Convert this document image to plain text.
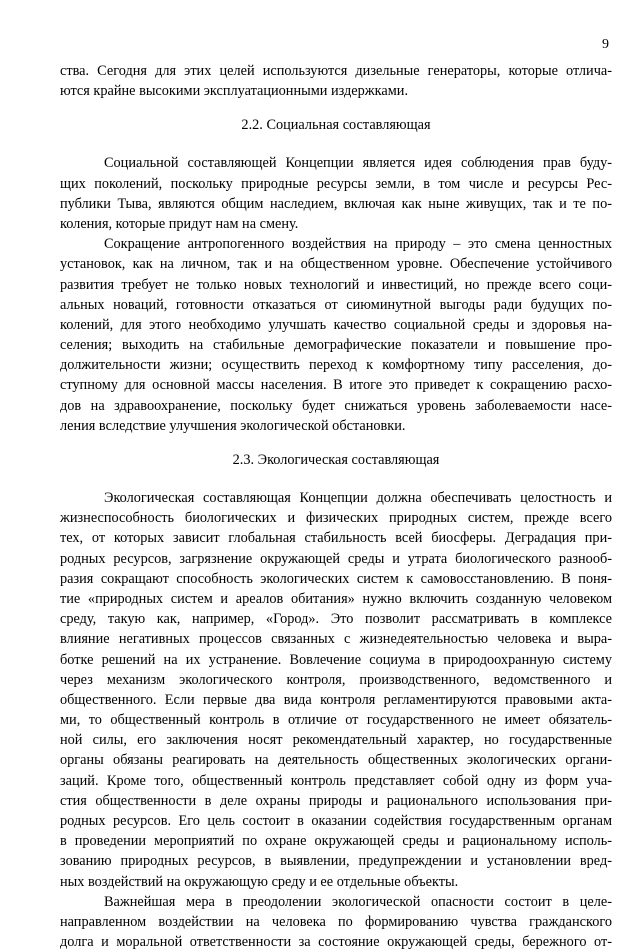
9
ства. Сегодня для этих целей используются дизельные генераторы, которые отлича-
ются крайне высокими эксплуатационными издержками.
2.2. Социальная составляющая
Социальной составляющей Концепции является идея соблюдения прав буду-
щих поколений, поскольку природные ресурсы земли, в том числе и ресурсы Рес-
публики Тыва, являются общим наследием, включая как ныне живущих, так и те по-
коления, которые придут нам на смену.
Сокращение антропогенного воздействия на природу – это смена ценностных
установок, как на личном, так и на общественном уровне. Обеспечение устойчивого
развития требует не только новых технологий и инвестиций, но прежде всего соци-
альных новаций, готовности отказаться от сиюминутной выгоды ради будущих по-
колений, для этого необходимо улучшать качество социальной среды и здоровья на-
селения; выходить на стабильные демографические показатели и повышение про-
должительности жизни; осуществить переход к комфортному типу расселения, до-
ступному для основной массы населения. В итоге это приведет к сокращению расхо-
дов на здравоохранение, поскольку будет снижаться уровень заболеваемости насе-
ления вследствие улучшения экологической обстановки.
2.3. Экологическая составляющая
Экологическая составляющая Концепции должна обеспечивать целостность и
жизнеспособность биологических и физических природных систем, прежде всего
тех, от которых зависит глобальная стабильность всей биосферы. Деградация при-
родных ресурсов, загрязнение окружающей среды и утрата биологического разнооб-
разия сокращают способность экологических систем к самовосстановлению. В поня-
тие «природных систем и ареалов обитания» нужно включить созданную человеком
среду, такую как, например, «Город». Это позволит рассматривать в комплексе
влияние негативных процессов связанных с жизнедеятельностью человека и выра-
ботке решений на их устранение. Вовлечение социума в природоохранную систему
через механизм экологического контроля, производственного, ведомственного и
общественного. Если первые два вида контроля регламентируются правовыми акта-
ми, то общественный контроль в отличие от государственного не имеет обязатель-
ной силы, его заключения носят рекомендательный характер, но государственные
органы обязаны реагировать на деятельность общественных экологических органи-
заций. Кроме того, общественный контроль представляет собой одну из форм уча-
стия общественности в деле охраны природы и рационального использования при-
родных ресурсов. Его цель состоит в оказании содействия государственным органам
в проведении мероприятий по охране окружающей среды и рациональному исполь-
зованию природных ресурсов, в выявлении, предупреждении и установлении вред-
ных воздействий на окружающую среду и ее отдельные объекты.
Важнейшая мера в преодолении экологической опасности состоит в целе-
направленном воздействии на человека по формированию чувства гражданского
долга и моральной ответственности за состояние окружающей среды, бережного от-
